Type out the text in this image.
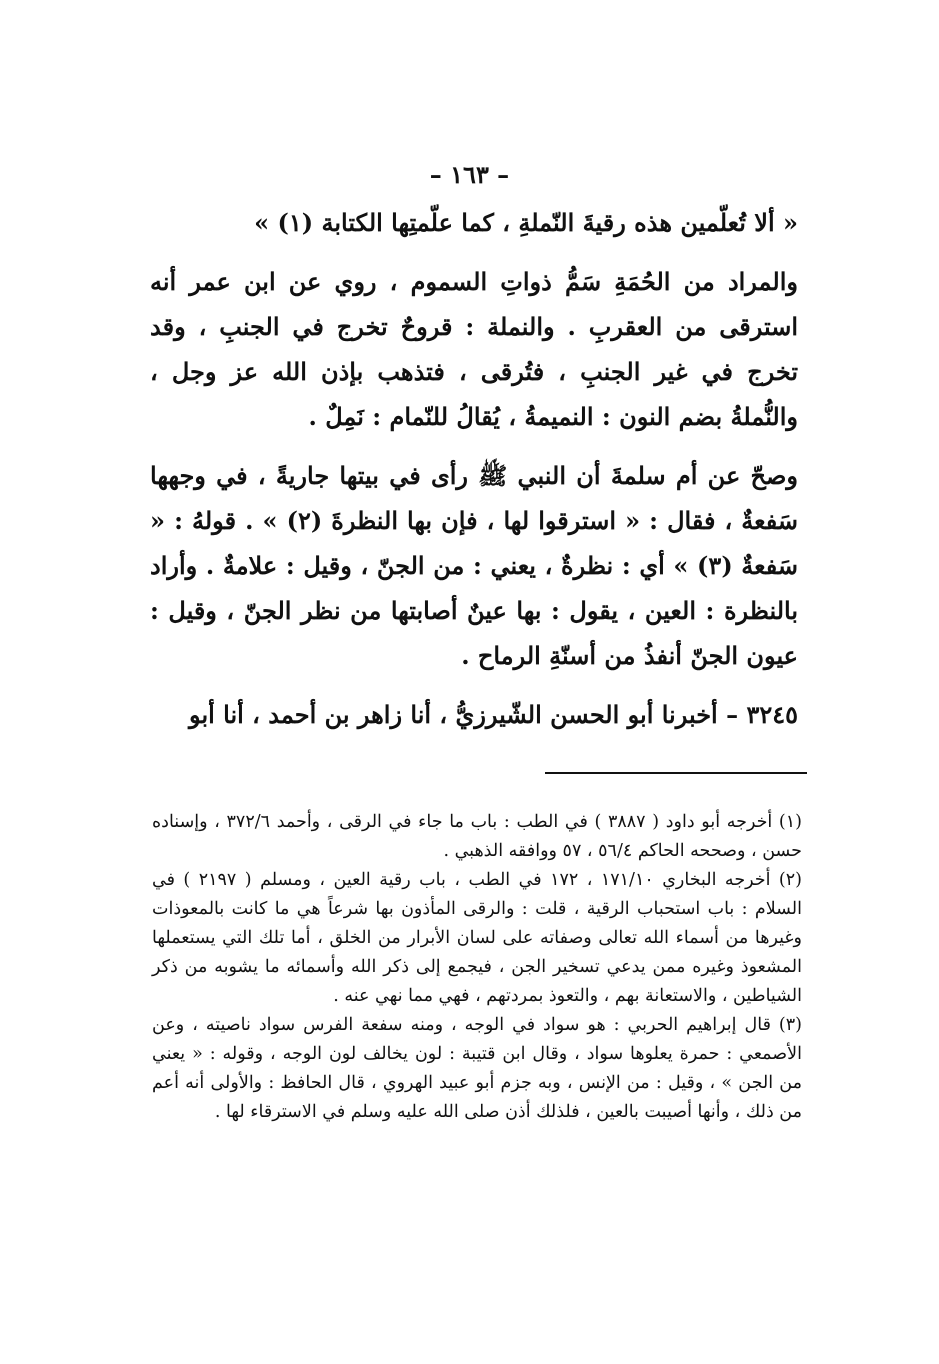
– ١٦٣ –

« ألا تُعلّمين هذه رقيةَ النّملةِ ، كما علّمتِها الكتابة (١) »

والمراد من الحُمَةِ سَمُّ ذواتِ السموم ، روي عن ابن عمر أنه استرقى من العقربِ . والنملة : قروحٌ تخرج في الجنبِ ، وقد تخرج في غير الجنبِ ، فتُرقى ، فتذهب بإذن الله عز وجل ، والنُّملةُ بضم النون : النميمةُ ، يُقالُ للنّمام : نَمِلٌ .

وصحّ عن أم سلمةَ أن النبي ﷺ رأى في بيتها جاريةً ، في وجهها سَفعةٌ ، فقال : « استرقوا لها ، فإن بها النظرةَ (٢) » . قولهُ : « سَفعةٌ (٣) » أي : نظرةٌ ، يعني : من الجنّ ، وقيل : علامةٌ . وأراد بالنظرة : العين ، يقول : بها عينٌ أصابتها من نظر الجنّ ، وقيل : عيون الجنّ أنفذُ من أسنّةِ الرماح .

٣٢٤٥ – أخبرنا أبو الحسن الشّيرزيُّ ، أنا زاهر بن أحمد ، أنا أبو

(١) أخرجه أبو داود ( ٣٨٨٧ ) في الطب : باب ما جاء في الرقى ، وأحمد ٣٧٢/٦ ، وإسناده حسن ، وصححه الحاكم ٥٦/٤ ، ٥٧ ووافقه الذهبي .

(٢) أخرجه البخاري ١٧١/١٠ ، ١٧٢ في الطب ، باب رقية العين ، ومسلم ( ٢١٩٧ ) في السلام : باب استحباب الرقية ، قلت : والرقى المأذون بها شرعاً هي ما كانت بالمعوذات وغيرها من أسماء الله تعالى وصفاته على لسان الأبرار من الخلق ، أما تلك التي يستعملها المشعوذ وغيره ممن يدعي تسخير الجن ، فيجمع إلى ذكر الله وأسمائه ما يشوبه من ذكر الشياطين ، والاستعانة بهم ، والتعوذ بمردتهم ، فهي مما نهي عنه .

(٣) قال إبراهيم الحربي : هو سواد في الوجه ، ومنه سفعة الفرس سواد ناصيته ، وعن الأصمعي : حمرة يعلوها سواد ، وقال ابن قتيبة : لون يخالف لون الوجه ، وقوله : « يعني من الجن » ، وقيل : من الإنس ، وبه جزم أبو عبيد الهروي ، قال الحافظ : والأولى أنه أعم من ذلك ، وأنها أصيبت بالعين ، فلذلك أذن صلى الله عليه وسلم في الاسترقاء لها .
